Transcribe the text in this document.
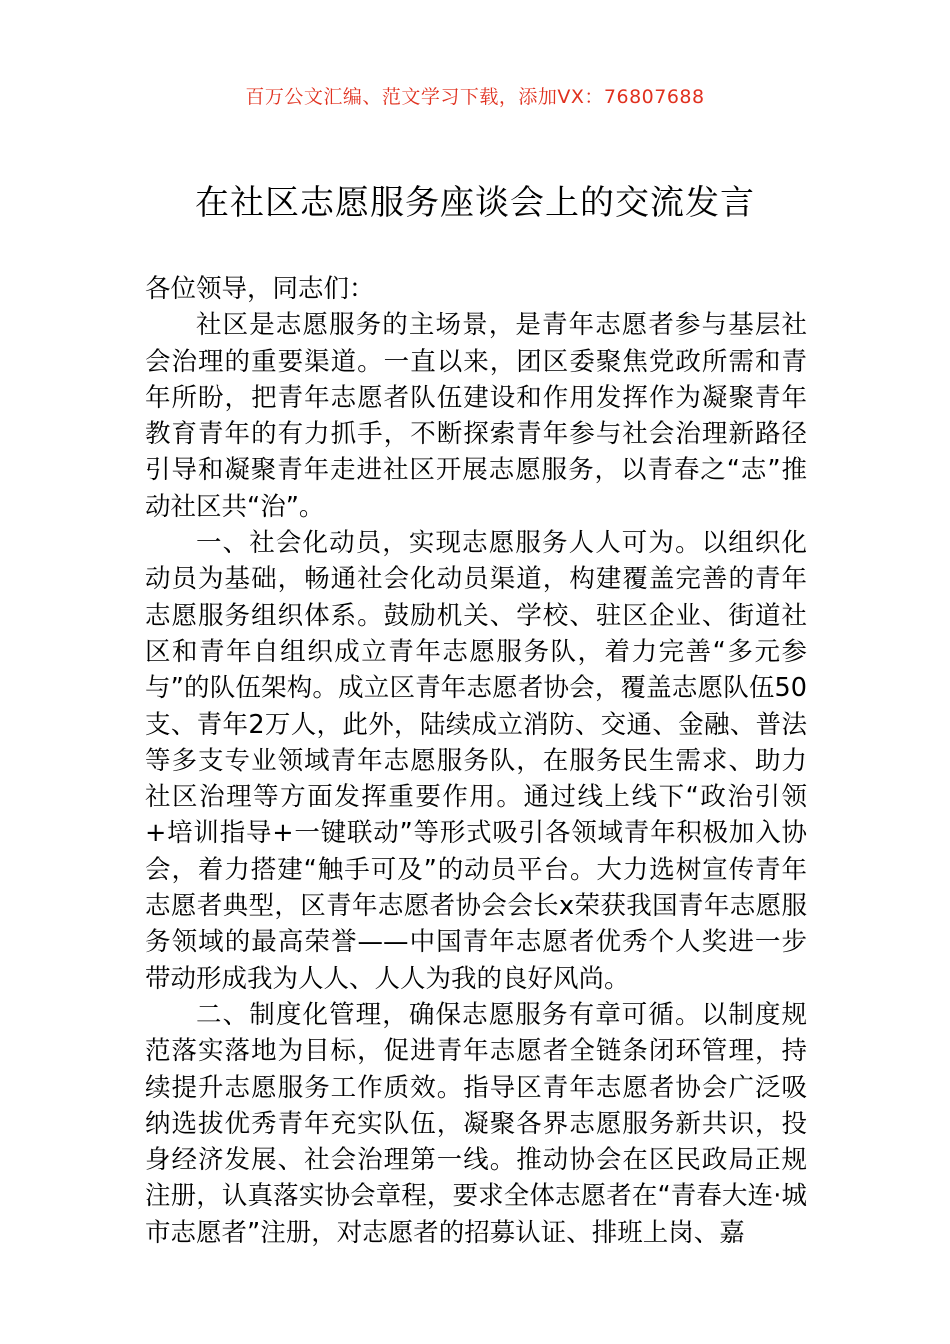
百万公文汇编、范文学习下载，添加VX：76807688
在社区志愿服务座谈会上的交流发言

各位领导，同志们：

社区是志愿服务的主场景，是青年志愿者参与基层社会治理的重要渠道。一直以来，团区委聚焦党政所需和青年所盼，把青年志愿者队伍建设和作用发挥作为凝聚青年教育青年的有力抓手，不断探索青年参与社会治理新路径引导和凝聚青年走进社区开展志愿服务，以青春之“志”推动社区共“治”。

一、社会化动员，实现志愿服务人人可为。以组织化动员为基础，畅通社会化动员渠道，构建覆盖完善的青年志愿服务组织体系。鼓励机关、学校、驻区企业、街道社区和青年自组织成立青年志愿服务队，着力完善“多元参与”的队伍架构。成立区青年志愿者协会，覆盖志愿队伍50支、青年2万人，此外，陆续成立消防、交通、金融、普法等多支专业领域青年志愿服务队，在服务民生需求、助力社区治理等方面发挥重要作用。通过线上线下“政治引领+培训指导+一键联动”等形式吸引各领域青年积极加入协会，着力搭建“触手可及”的动员平台。大力选树宣传青年志愿者典型，区青年志愿者协会会长x荣获我国青年志愿服务领域的最高荣誉——中国青年志愿者优秀个人奖进一步带动形成我为人人、人人为我的良好风尚。

二、制度化管理，确保志愿服务有章可循。以制度规范落实落地为目标，促进青年志愿者全链条闭环管理，持续提升志愿服务工作质效。指导区青年志愿者协会广泛吸纳选拔优秀青年充实队伍，凝聚各界志愿服务新共识，投身经济发展、社会治理第一线。推动协会在区民政局正规注册，认真落实协会章程，要求全体志愿者在“青春大连·城市志愿者”注册，对志愿者的招募认证、排班上岗、嘉
